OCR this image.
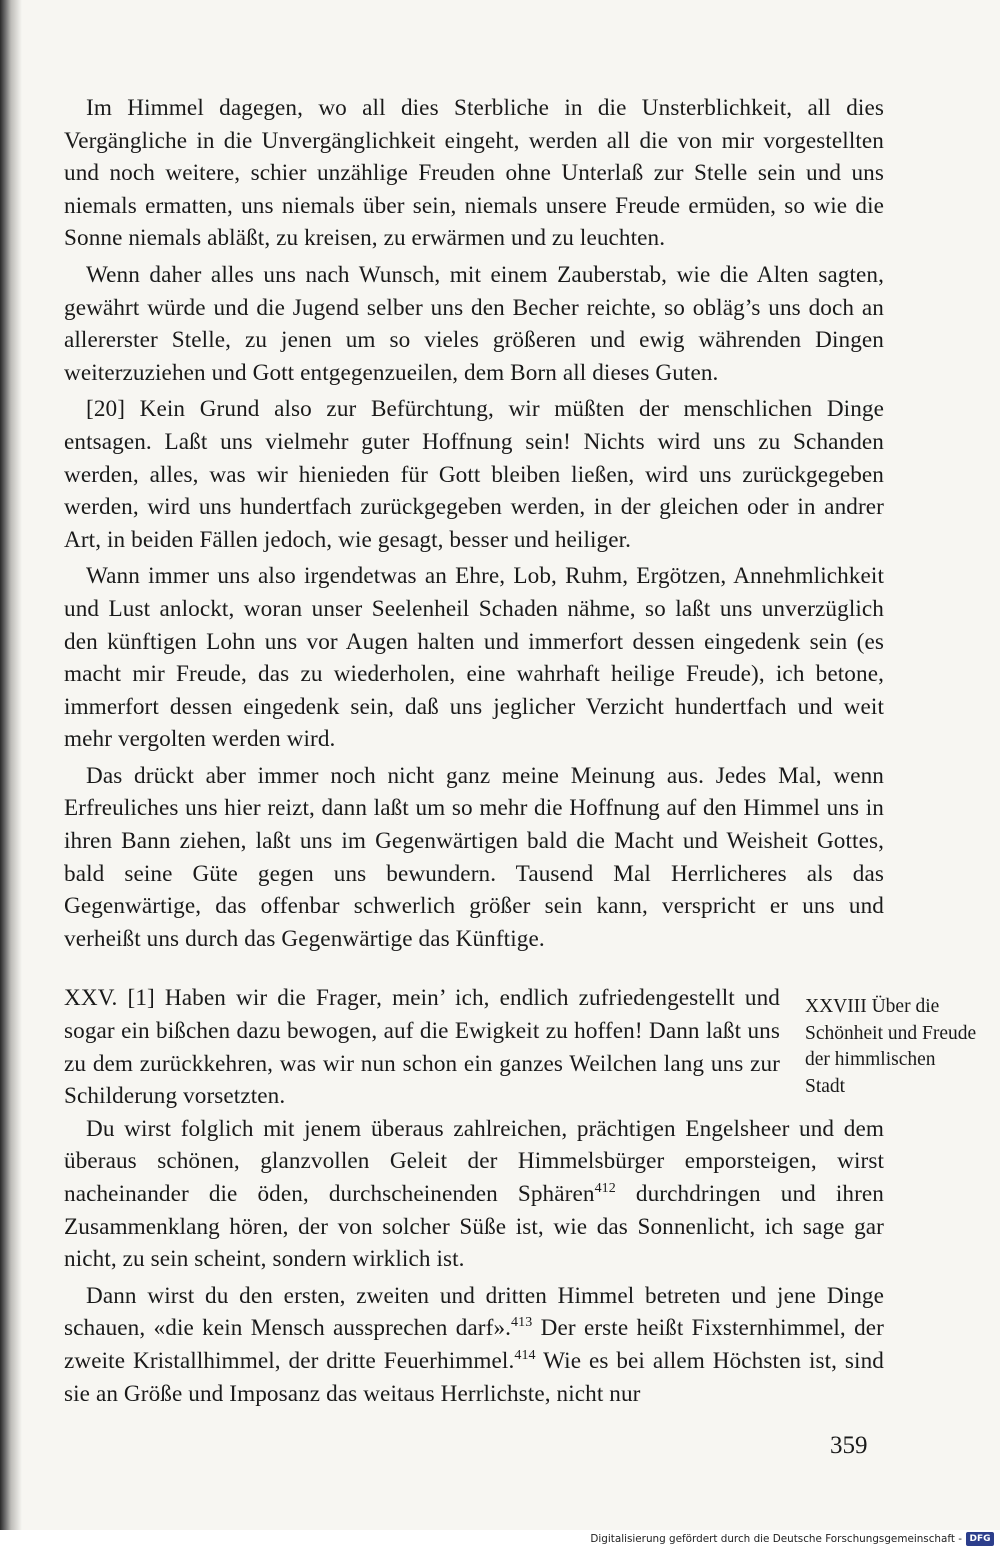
Im Himmel dagegen, wo all dies Sterbliche in die Unsterblichkeit, all dies Vergängliche in die Unvergänglichkeit eingeht, werden all die von mir vorgestellten und noch weitere, schier unzählige Freuden ohne Unterlaß zur Stelle sein und uns niemals ermatten, uns niemals über sein, niemals unsere Freude ermüden, so wie die Sonne niemals abläßt, zu kreisen, zu erwärmen und zu leuchten.

Wenn daher alles uns nach Wunsch, mit einem Zauberstab, wie die Alten sagten, gewährt würde und die Jugend selber uns den Becher reichte, so obläg’s uns doch an allererster Stelle, zu jenen um so vieles größeren und ewig währenden Dingen weiterzuziehen und Gott entgegenzueilen, dem Born all dieses Guten.

[20] Kein Grund also zur Befürchtung, wir müßten der menschlichen Dinge entsagen. Laßt uns vielmehr guter Hoffnung sein! Nichts wird uns zu Schanden werden, alles, was wir hienieden für Gott bleiben ließen, wird uns zurückgegeben werden, wird uns hundertfach zurückgegeben werden, in der gleichen oder in andrer Art, in beiden Fällen jedoch, wie gesagt, besser und heiliger.

Wann immer uns also irgendetwas an Ehre, Lob, Ruhm, Ergötzen, Annehmlichkeit und Lust anlockt, woran unser Seelenheil Schaden nähme, so laßt uns unverzüglich den künftigen Lohn uns vor Augen halten und immerfort dessen eingedenk sein (es macht mir Freude, das zu wiederholen, eine wahrhaft heilige Freude), ich betone, immerfort dessen eingedenk sein, daß uns jeglicher Verzicht hundertfach und weit mehr vergolten werden wird.

Das drückt aber immer noch nicht ganz meine Meinung aus. Jedes Mal, wenn Erfreuliches uns hier reizt, dann laßt um so mehr die Hoffnung auf den Himmel uns in ihren Bann ziehen, laßt uns im Gegenwärtigen bald die Macht und Weisheit Gottes, bald seine Güte gegen uns bewundern. Tausend Mal Herrlicheres als das Gegenwärtige, das offenbar schwerlich größer sein kann, verspricht er uns und verheißt uns durch das Gegenwärtige das Künftige.

XXV. [1] Haben wir die Frager, mein’ ich, endlich zufriedengestellt und sogar ein bißchen dazu bewogen, auf die Ewigkeit zu hoffen! Dann laßt uns zu dem zurückkehren, was wir nun schon ein ganzes Weilchen lang uns zur Schilderung vorsetzten.

Du wirst folglich mit jenem überaus zahlreichen, prächtigen Engelsheer und dem überaus schönen, glanzvollen Geleit der Himmelsbürger emporsteigen, wirst nacheinander die öden, durchscheinenden Sphären$^{412}$ durchdringen und ihren Zusammenklang hören, der von solcher Süße ist, wie das Sonnenlicht, ich sage gar nicht, zu sein scheint, sondern wirklich ist.

Dann wirst du den ersten, zweiten und dritten Himmel betreten und jene Dinge schauen, «die kein Mensch aussprechen darf».$^{413}$ Der erste heißt Fixsternhimmel, der zweite Kristallhimmel, der dritte Feuerhimmel.$^{414}$ Wie es bei allem Höchsten ist, sind sie an Größe und Imposanz das weitaus Herrlichste, nicht nur

XXVIII Über die Schönheit und Freude der himmlischen Stadt
359
Digitalisierung gefördert durch die Deutsche Forschungsgemeinschaft - DFG
